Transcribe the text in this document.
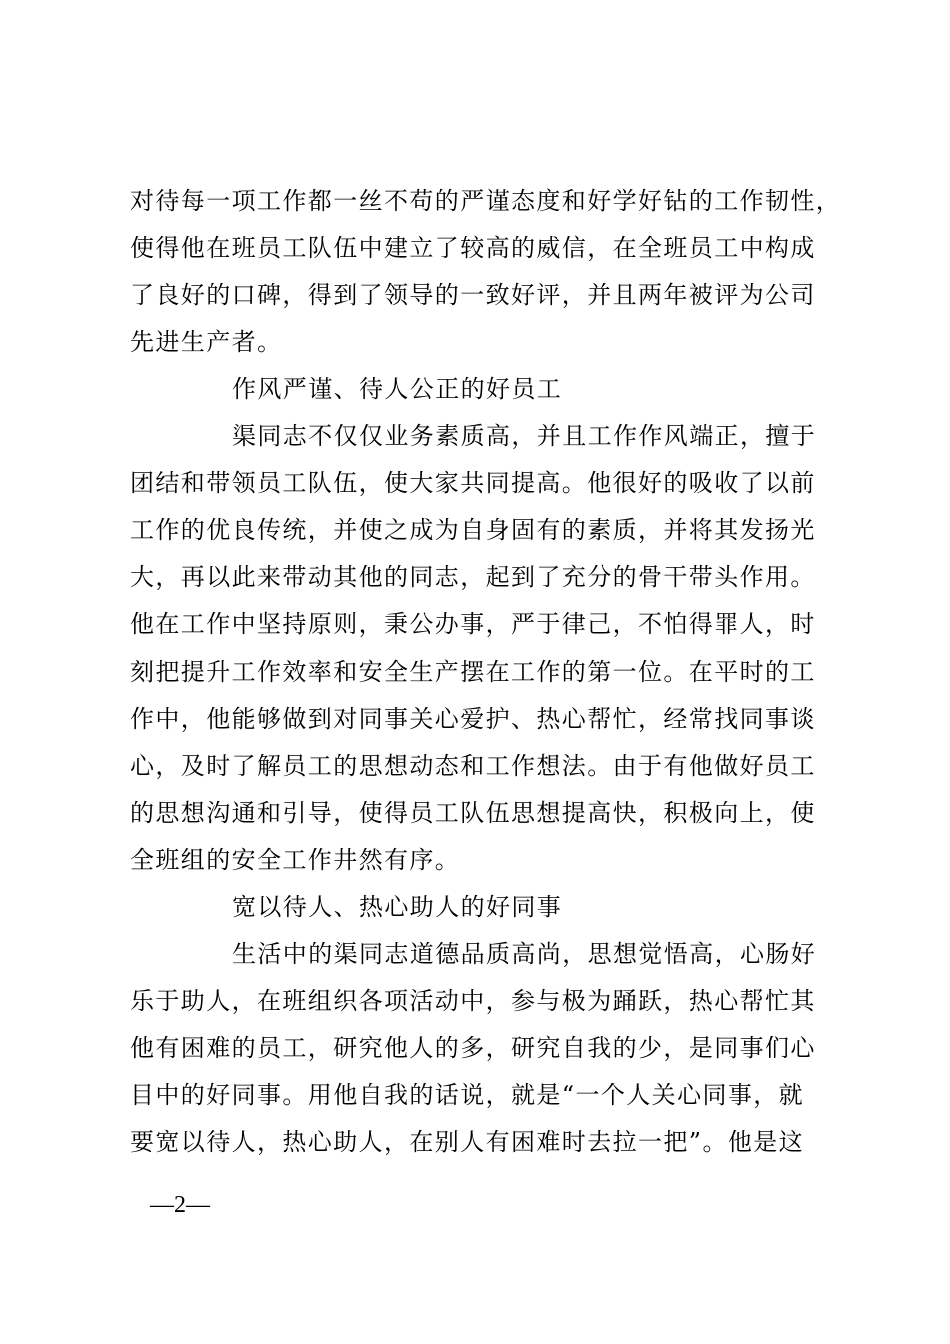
对待每一项工作都一丝不苟的严谨态度和好学好钻的工作韧性，
使得他在班员工队伍中建立了较高的威信，在全班员工中构成
了良好的口碑，得到了领导的一致好评，并且两年被评为公司
先进生产者。
作风严谨、待人公正的好员工
渠同志不仅仅业务素质高，并且工作作风端正，擅于
团结和带领员工队伍，使大家共同提高。他很好的吸收了以前
工作的优良传统，并使之成为自身固有的素质，并将其发扬光
大，再以此来带动其他的同志，起到了充分的骨干带头作用。
他在工作中坚持原则，秉公办事，严于律己，不怕得罪人，时
刻把提升工作效率和安全生产摆在工作的第一位。在平时的工
作中，他能够做到对同事关心爱护、热心帮忙，经常找同事谈
心，及时了解员工的思想动态和工作想法。由于有他做好员工
的思想沟通和引导，使得员工队伍思想提高快，积极向上，使
全班组的安全工作井然有序。
宽以待人、热心助人的好同事
生活中的渠同志道德品质高尚，思想觉悟高，心肠好
乐于助人，在班组织各项活动中，参与极为踊跃，热心帮忙其
他有困难的员工，研究他人的多，研究自我的少，是同事们心
目中的好同事。用他自我的话说，就是“一个人关心同事，就
要宽以待人，热心助人，在别人有困难时去拉一把”。他是这
—2—
